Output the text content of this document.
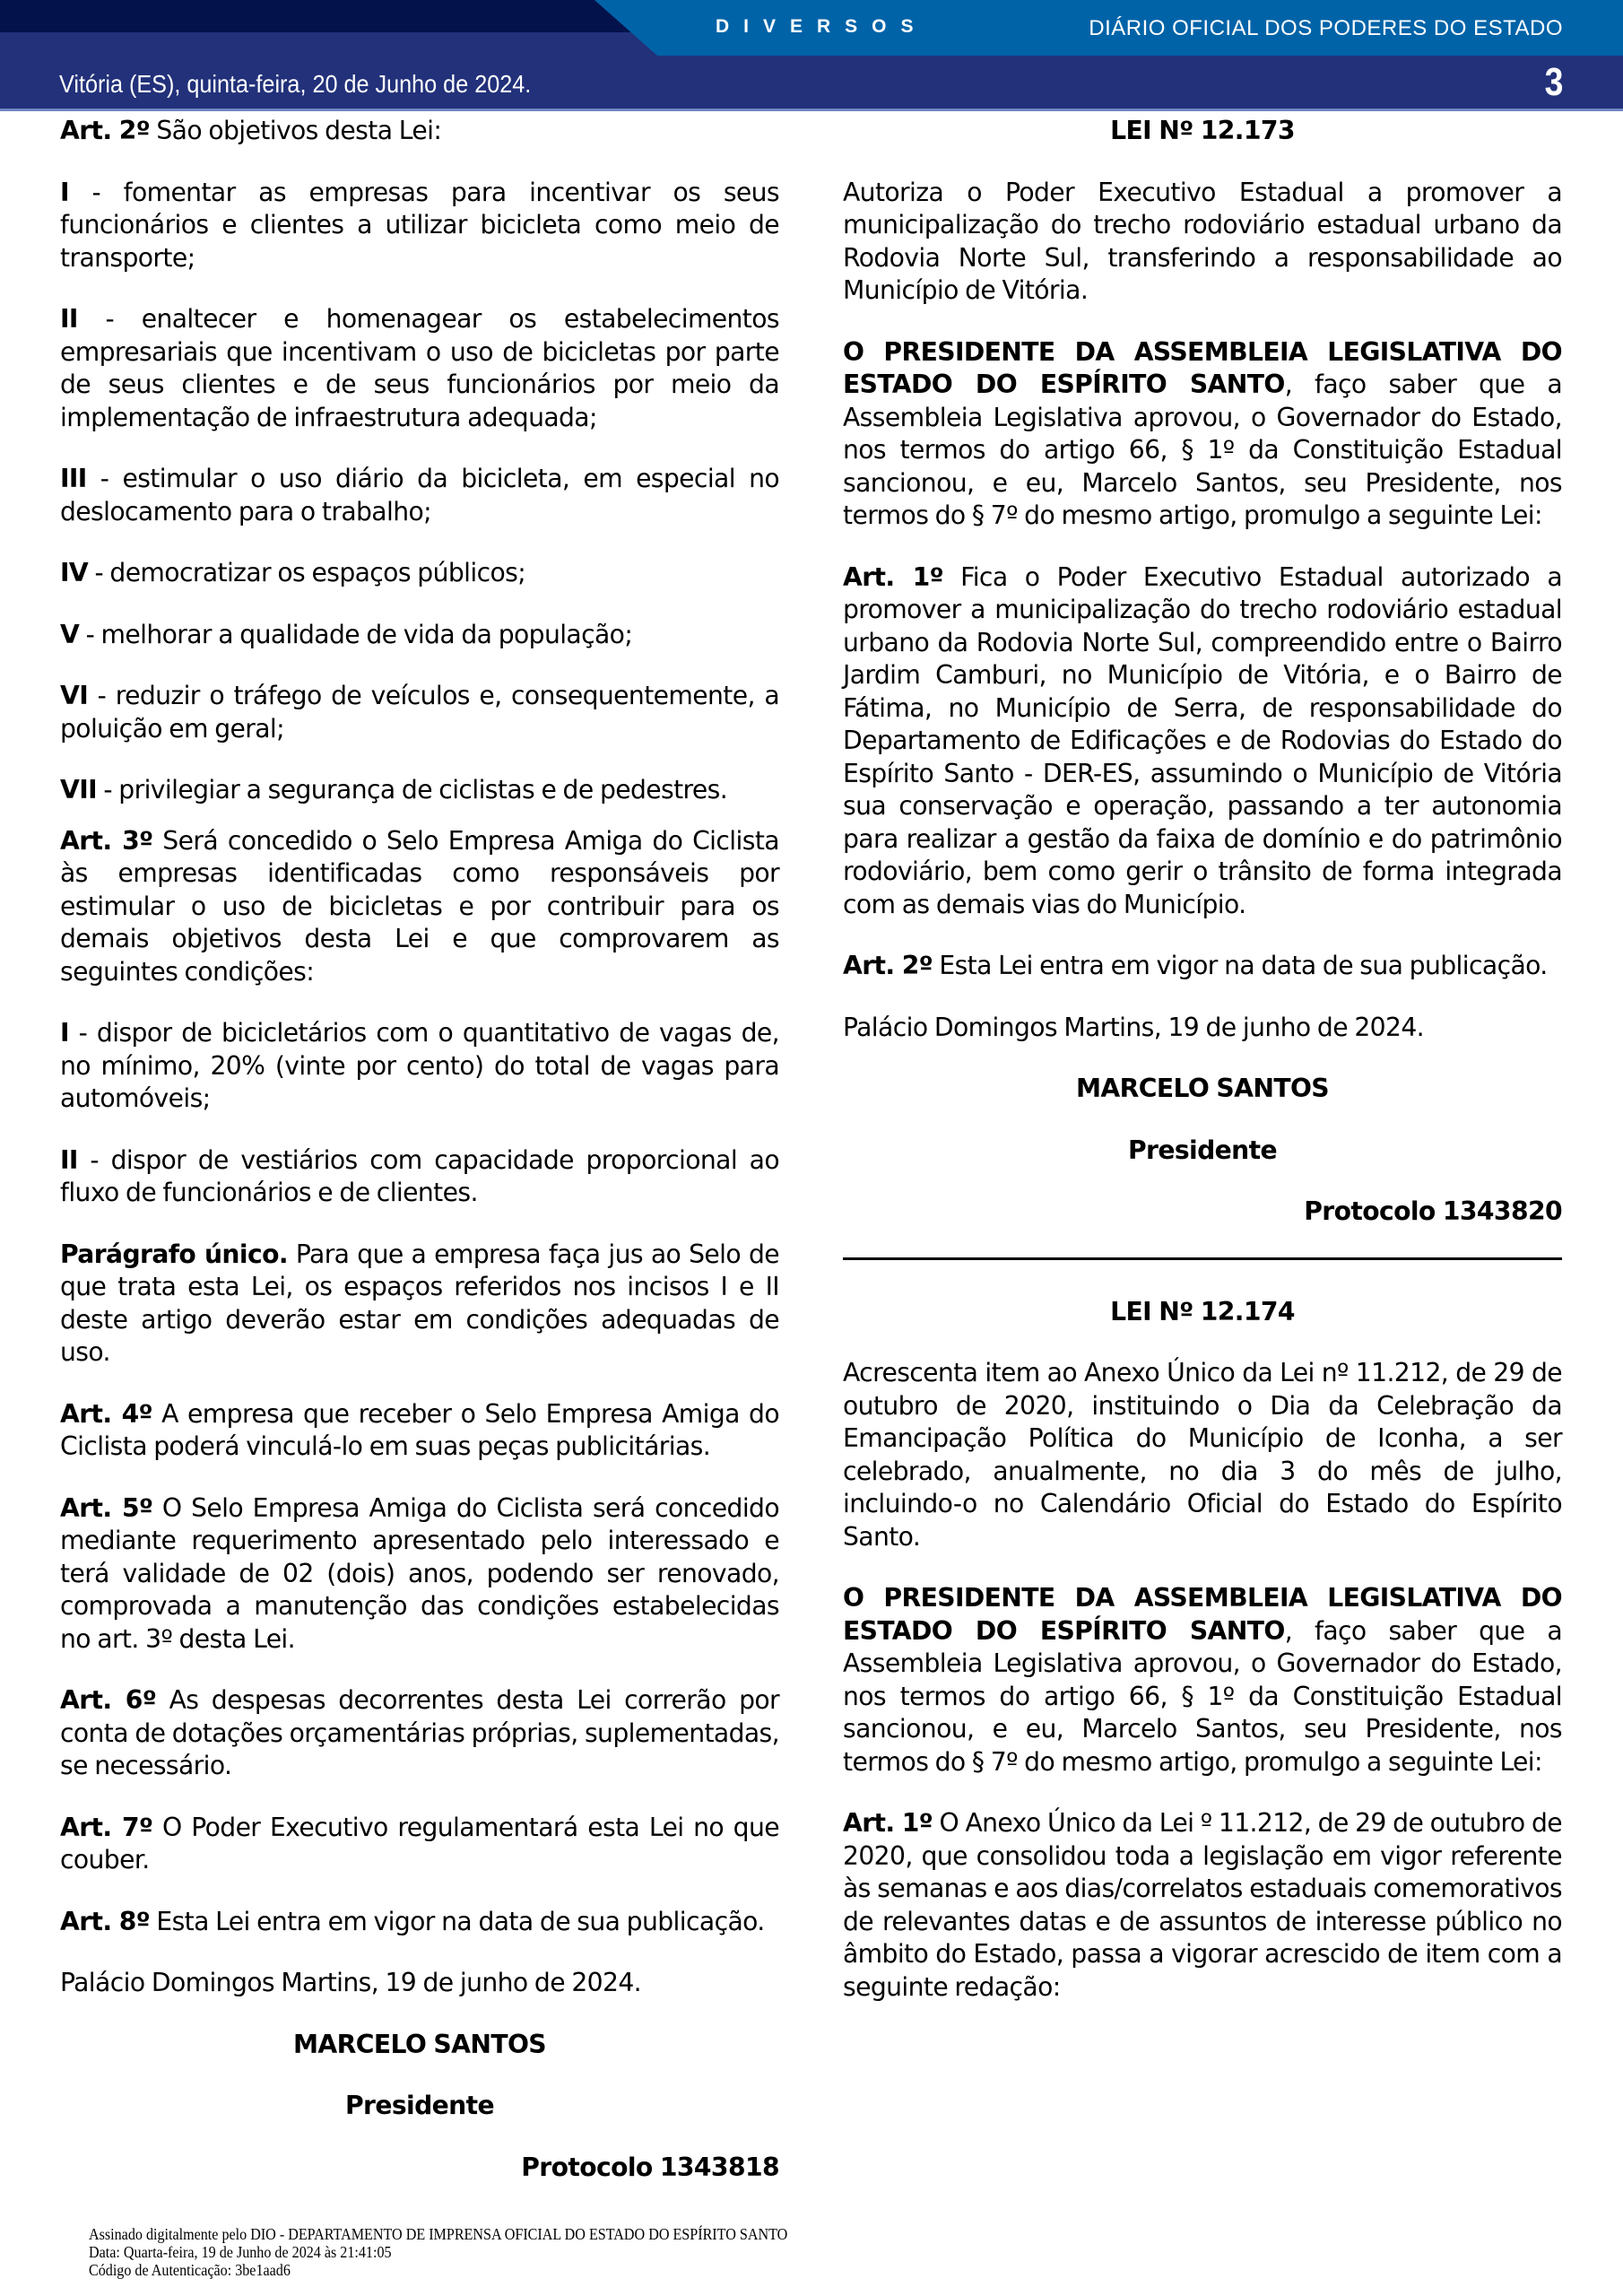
DIVERSOS	DIÁRIO OFICIAL DOS PODERES DO ESTADO
Vitória (ES), quinta-feira, 20 de Junho de 2024.	3

Art. 2º São objetivos desta Lei:

I - fomentar as empresas para incentivar os seus funcionários e clientes a utilizar bicicleta como meio de transporte;

II - enaltecer e homenagear os estabelecimentos empresariais que incentivam o uso de bicicletas por parte de seus clientes e de seus funcionários por meio da implementação de infraestrutura adequada;

III - estimular o uso diário da bicicleta, em especial no deslocamento para o trabalho;

IV - democratizar os espaços públicos;

V - melhorar a qualidade de vida da população;

VI - reduzir o tráfego de veículos e, consequentemente, a poluição em geral;

VII - privilegiar a segurança de ciclistas e de pedestres.

Art. 3º Será concedido o Selo Empresa Amiga do Ciclista às empresas identificadas como responsáveis por estimular o uso de bicicletas e por contribuir para os demais objetivos desta Lei e que comprovarem as seguintes condições:

I - dispor de bicicletários com o quantitativo de vagas de, no mínimo, 20% (vinte por cento) do total de vagas para automóveis;

II - dispor de vestiários com capacidade proporcional ao fluxo de funcionários e de clientes.

Parágrafo único. Para que a empresa faça jus ao Selo de que trata esta Lei, os espaços referidos nos incisos I e II deste artigo deverão estar em condições adequadas de uso.

Art. 4º A empresa que receber o Selo Empresa Amiga do Ciclista poderá vinculá-lo em suas peças publicitárias.

Art. 5º O Selo Empresa Amiga do Ciclista será concedido mediante requerimento apresentado pelo interessado e terá validade de 02 (dois) anos, podendo ser renovado, comprovada a manutenção das condições estabelecidas no art. 3º desta Lei.

Art. 6º As despesas decorrentes desta Lei correrão por conta de dotações orçamentárias próprias, suplementadas, se necessário.

Art. 7º O Poder Executivo regulamentará esta Lei no que couber.

Art. 8º Esta Lei entra em vigor na data de sua publicação.

Palácio Domingos Martins, 19 de junho de 2024.

MARCELO SANTOS

Presidente

Protocolo 1343818

LEI Nº 12.173

Autoriza o Poder Executivo Estadual a promover a municipalização do trecho rodoviário estadual urbano da Rodovia Norte Sul, transferindo a responsabilidade ao Município de Vitória.

O PRESIDENTE DA ASSEMBLEIA LEGISLATIVA DO ESTADO DO ESPÍRITO SANTO, faço saber que a Assembleia Legislativa aprovou, o Governador do Estado, nos termos do artigo 66, § 1º da Constituição Estadual sancionou, e eu, Marcelo Santos, seu Presidente, nos termos do § 7º do mesmo artigo, promulgo a seguinte Lei:

Art. 1º Fica o Poder Executivo Estadual autorizado a promover a municipalização do trecho rodoviário estadual urbano da Rodovia Norte Sul, compreendido entre o Bairro Jardim Camburi, no Município de Vitória, e o Bairro de Fátima, no Município de Serra, de responsabilidade do Departamento de Edificações e de Rodovias do Estado do Espírito Santo - DER-ES, assumindo o Município de Vitória sua conservação e operação, passando a ter autonomia para realizar a gestão da faixa de domínio e do patrimônio rodoviário, bem como gerir o trânsito de forma integrada com as demais vias do Município.

Art. 2º Esta Lei entra em vigor na data de sua publicação.

Palácio Domingos Martins, 19 de junho de 2024.

MARCELO SANTOS

Presidente

Protocolo 1343820

LEI Nº 12.174

Acrescenta item ao Anexo Único da Lei nº 11.212, de 29 de outubro de 2020, instituindo o Dia da Celebração da Emancipação Política do Município de Iconha, a ser celebrado, anualmente, no dia 3 do mês de julho, incluindo-o no Calendário Oficial do Estado do Espírito Santo.

O PRESIDENTE DA ASSEMBLEIA LEGISLATIVA DO ESTADO DO ESPÍRITO SANTO, faço saber que a Assembleia Legislativa aprovou, o Governador do Estado, nos termos do artigo 66, § 1º da Constituição Estadual sancionou, e eu, Marcelo Santos, seu Presidente, nos termos do § 7º do mesmo artigo, promulgo a seguinte Lei:

Art. 1º O Anexo Único da Lei º 11.212, de 29 de outubro de 2020, que consolidou toda a legislação em vigor referente às semanas e aos dias/correlatos estaduais comemorativos de relevantes datas e de assuntos de interesse público no âmbito do Estado, passa a vigorar acrescido de item com a seguinte redação:

Assinado digitalmente pelo DIO - DEPARTAMENTO DE IMPRENSA OFICIAL DO ESTADO DO ESPÍRITO SANTO
Data: Quarta-feira, 19 de Junho de 2024 às 21:41:05
Código de Autenticação: 3be1aad6
